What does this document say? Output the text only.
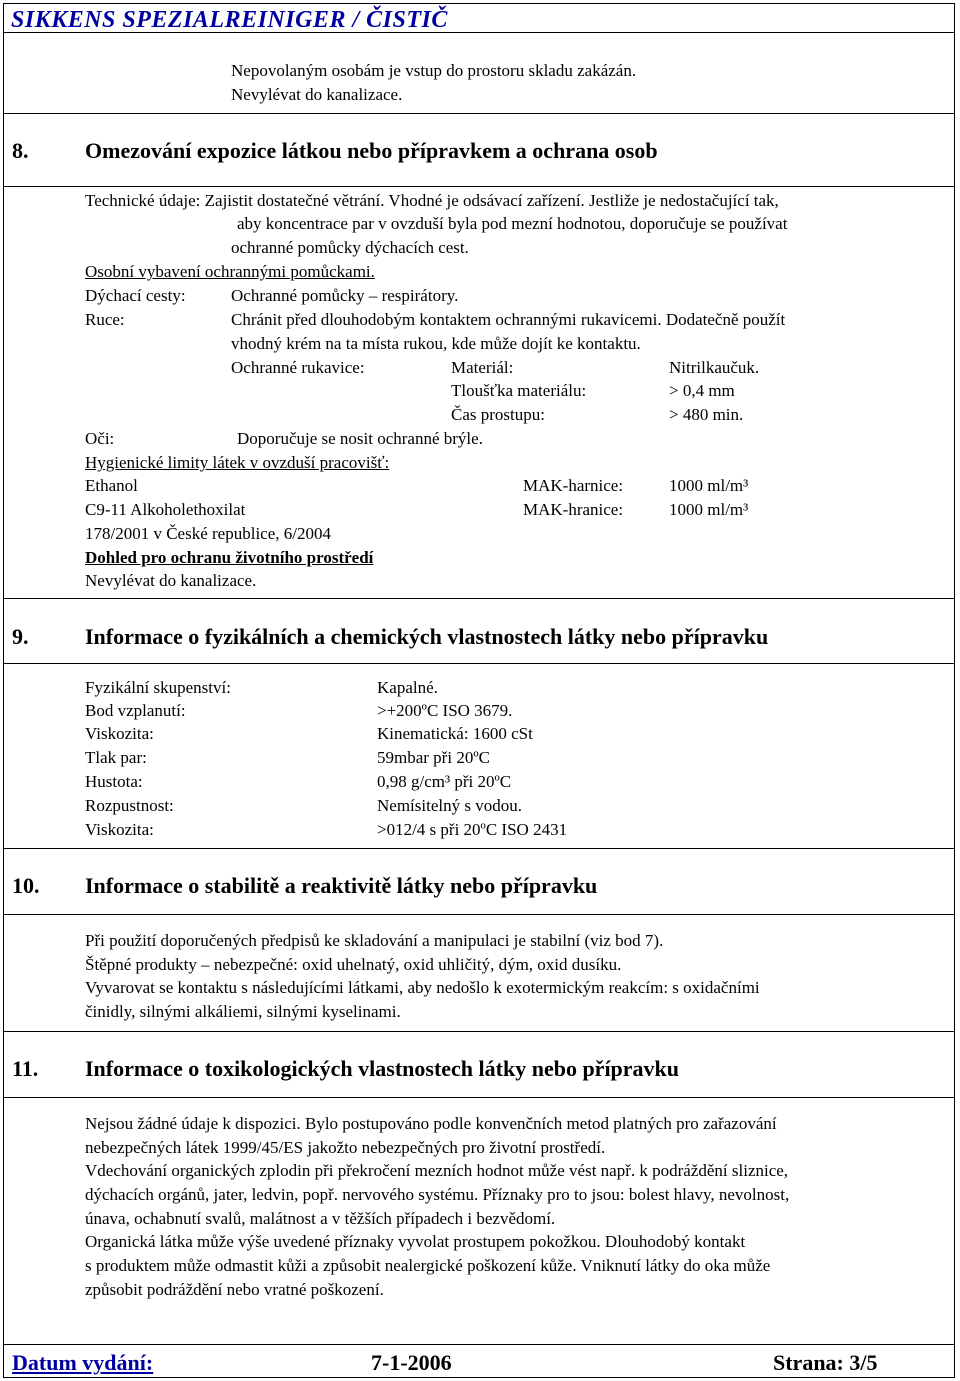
SIKKENS SPEZIALREINIGER / ČISTIČ
Nepovolaným osobám je vstup do prostoru skladu zakázán.
Nevylévat do kanalizace.
8.	Omezování expozice látkou nebo přípravkem a ochrana osob
Technické údaje: Zajistit dostatečné větrání. Vhodné je odsávací zařízení. Jestliže je nedostačující tak,
aby koncentrace par v ovzduší byla pod mezní hodnotou, doporučuje se používat
ochranné pomůcky dýchacích cest.
Osobní vybavení ochrannými pomůckami.
Dýchací cesty:	Ochranné pomůcky – respirátory.
Ruce:	Chránit před dlouhodobým kontaktem ochrannými rukavicemi. Dodatečně použít
vhodný krém na ta místa rukou, kde může dojít ke kontaktu.
Ochranné rukavice:	Materiál:	Nitrilkaučuk.
Tloušťka materiálu:	> 0,4 mm
Čas prostupu:	> 480 min.
Oči:	Doporučuje se nosit ochranné brýle.
Hygienické limity látek v ovzduší pracovišť:
Ethanol	MAK-harnice:	1000 ml/m³
C9-11 Alkoholethoxilat	MAK-hranice:	1000 ml/m³
178/2001 v České republice, 6/2004
Dohled pro ochranu životního prostředí
Nevylévat do kanalizace.
9.	Informace o fyzikálních a chemických vlastnostech látky nebo přípravku
Fyzikální skupenství:	Kapalné.
Bod vzplanutí:	>+200ºC ISO 3679.
Viskozita:	Kinematická: 1600 cSt
Tlak par:	59mbar při 20ºC
Hustota:	0,98 g/cm³ při 20ºC
Rozpustnost:	Nemísitelný s vodou.
Viskozita:	>012/4 s při 20ºC ISO 2431
10. Informace o stabilitě a reaktivitě látky nebo přípravku
Při použití doporučených předpisů ke skladování a manipulaci je stabilní (viz bod 7).
Štěpné produkty – nebezpečné: oxid uhelnatý, oxid uhličitý, dým, oxid dusíku.
Vyvarovat se kontaktu s následujícími látkami, aby nedošlo k exotermickým reakcím: s oxidačními
činidly, silnými alkáliemi, silnými kyselinami.
11. Informace o toxikologických vlastnostech látky nebo přípravku
Nejsou žádné údaje k dispozici. Bylo postupováno podle konvenčních metod platných pro zařazování
nebezpečných látek 1999/45/ES jakožto nebezpečných pro životní prostředí.
Vdechování organických zplodin při překročení mezních hodnot může vést např. k podráždění sliznice,
dýchacích orgánů, jater, ledvin, popř. nervového systému. Příznaky pro to jsou: bolest hlavy, nevolnost,
únava, ochabnutí svalů, malátnost a v těžších případech i bezvědomí.
Organická látka může výše uvedené příznaky vyvolat prostupem pokožkou. Dlouhodobý kontakt
s produktem může odmastit kůži a způsobit nealergické poškození kůže. Vniknutí látky do oka může
způsobit podráždění nebo vratné poškození.
Datum vydání:	7-1-2006	Strana: 3/5
